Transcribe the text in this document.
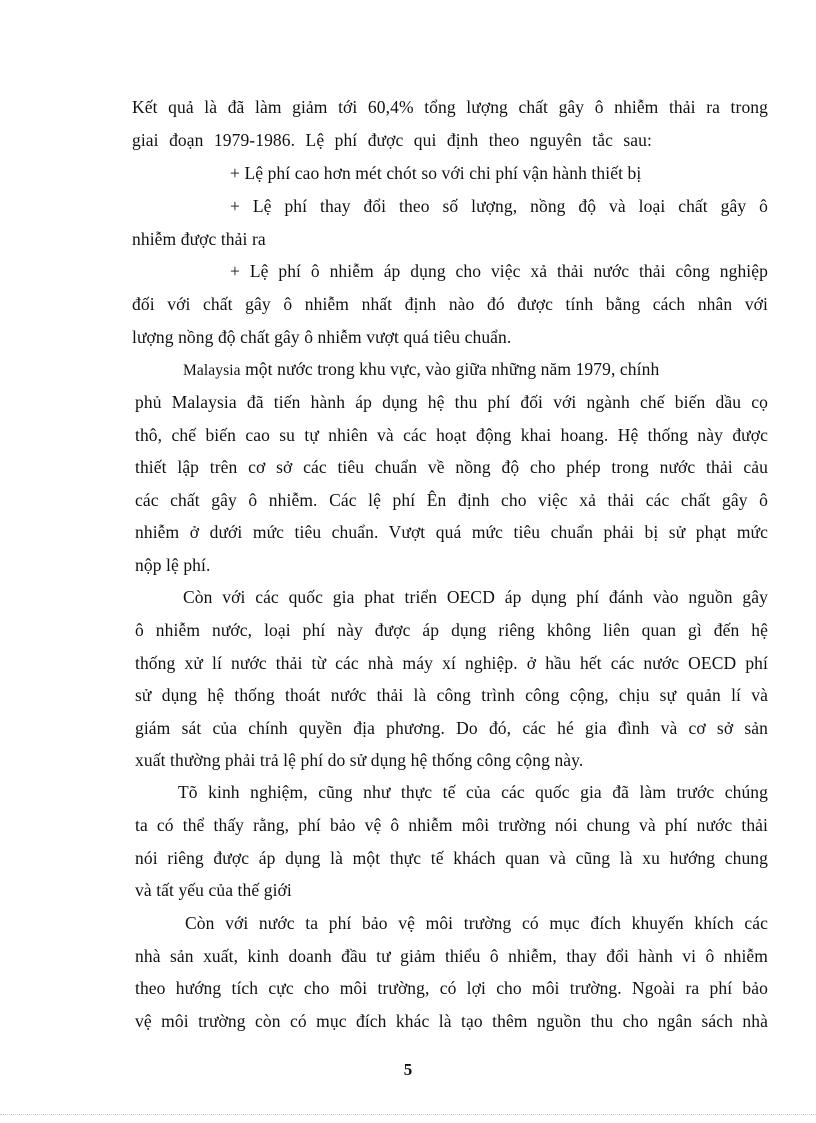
Kết quả là đã làm giảm tới 60,4% tổng lượng chất gây ô nhiễm thải ra trong
giai đoạn 1979-1986. Lệ phí được qui định theo nguyên tắc sau:
+ Lệ phí cao hơn mét chót so với chi phí vận hành thiết bị
+ Lệ phí thay đổi theo số lượng, nồng độ và loại chất gây ô
nhiễm được thải ra
+ Lệ phí ô nhiễm áp dụng cho việc xả thải nước thải công nghiệp
đối với chất gây ô nhiễm nhất định nào đó được tính bằng cách nhân với
lượng nồng độ chất gây ô nhiễm vượt quá tiêu chuẩn.
Malaysia một nước trong khu vực, vào giữa những năm 1979, chính
phủ Malaysia đã tiến hành áp dụng hệ thu phí đối với ngành chế biến dầu cọ
thô, chế biến cao su tự nhiên và các hoạt động khai hoang. Hệ thống này được
thiết lập trên cơ sở các tiêu chuẩn về nồng độ cho phép trong nước thải cảu
các chất gây ô nhiễm. Các lệ phí Ên định cho việc xả thải các chất gây ô
nhiễm ở dưới mức tiêu chuẩn. Vượt quá mức tiêu chuẩn phải bị sử phạt mức
nộp lệ phí.
Còn với các quốc gia phat triển OECD áp dụng phí đánh vào nguồn gây
ô nhiễm nước, loại phí này được áp dụng riêng không liên quan gì đến hệ
thống xử lí nước thải từ các nhà máy xí nghiệp. ở hầu hết các nước OECD phí
sử dụng hệ thống thoát nước thải là công trình công cộng, chịu sự quản lí và
giám sát của chính quyền địa phương. Do đó, các hé gia đình và cơ sở sản
xuất thường phải trả lệ phí do sử dụng hệ thống công cộng này.
Tõ kinh nghiệm, cũng như thực tế của các quốc gia đã làm trước chúng
ta có thể thấy rằng, phí bảo vệ ô nhiễm môi trường nói chung và phí nước thải
nói riêng được áp dụng là một thực tế khách quan và cũng là xu hướng chung
và tất yếu của thế giới
Còn với nước ta phí bảo vệ môi trường có mục đích khuyến khích các
nhà sản xuất, kinh doanh đầu tư giảm thiểu ô nhiễm, thay đổi hành vi ô nhiễm
theo hướng tích cực cho môi trường, có lợi cho môi trường. Ngoài ra phí bảo
vệ môi trường còn có mục đích khác là tạo thêm nguồn thu cho ngân sách nhà
5
